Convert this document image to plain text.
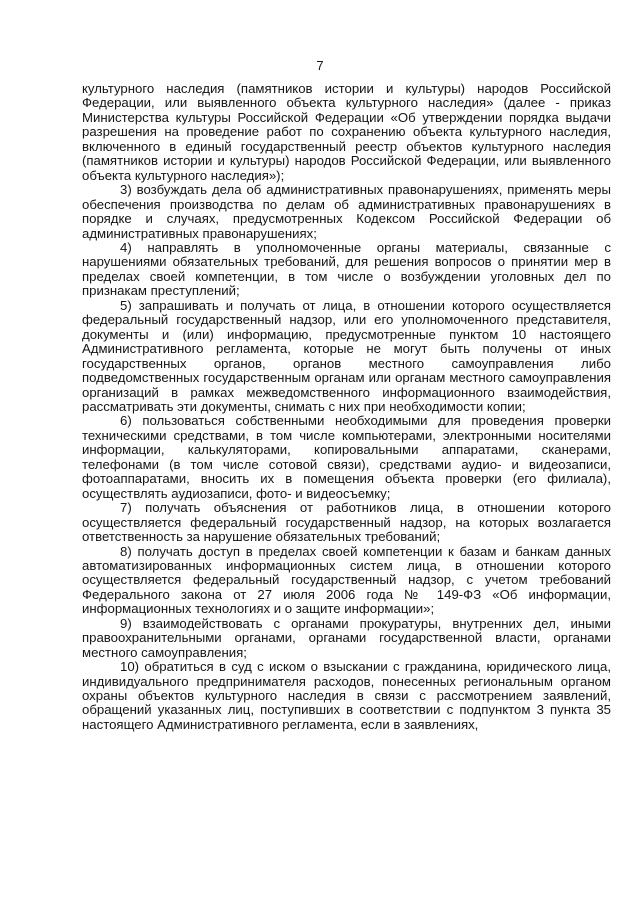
7

культурного наследия (памятников истории и культуры) народов Российской Федерации, или выявленного объекта культурного наследия» (далее - приказ Министерства культуры Российской Федерации «Об утверждении порядка выдачи разрешения на проведение работ по сохранению объекта культурного наследия, включенного в единый государственный реестр объектов культурного наследия (памятников истории и культуры) народов Российской Федерации, или выявленного объекта культурного наследия»);

3) возбуждать дела об административных правонарушениях, применять меры обеспечения производства по делам об административных правонарушениях в порядке и случаях, предусмотренных Кодексом Российской Федерации об административных правонарушениях;

4) направлять в уполномоченные органы материалы, связанные с нарушениями обязательных требований, для решения вопросов о принятии мер в пределах своей компетенции, в том числе о возбуждении уголовных дел по признакам преступлений;

5) запрашивать и получать от лица, в отношении которого осуществляется федеральный государственный надзор, или его уполномоченного представителя, документы и (или) информацию, предусмотренные пунктом 10 настоящего Административного регламента, которые не могут быть получены от иных государственных органов, органов местного самоуправления либо подведомственных государственным органам или органам местного самоуправления организаций в рамках межведомственного информационного взаимодействия, рассматривать эти документы, снимать с них при необходимости копии;

6) пользоваться собственными необходимыми для проведения проверки техническими средствами, в том числе компьютерами, электронными носителями информации, калькуляторами, копировальными аппаратами, сканерами, телефонами (в том числе сотовой связи), средствами аудио- и видеозаписи, фотоаппаратами, вносить их в помещения объекта проверки (его филиала), осуществлять аудиозаписи, фото- и видеосъемку;

7) получать объяснения от работников лица, в отношении которого осуществляется федеральный государственный надзор, на которых возлагается ответственность за нарушение обязательных требований;

8) получать доступ в пределах своей компетенции к базам и банкам данных автоматизированных информационных систем лица, в отношении которого осуществляется федеральный государственный надзор, с учетом требований Федерального закона от 27 июля 2006 года № 149-ФЗ «Об информации, информационных технологиях и о защите информации»;

9) взаимодействовать с органами прокуратуры, внутренних дел, иными правоохранительными органами, органами государственной власти, органами местного самоуправления;

10) обратиться в суд с иском о взыскании с гражданина, юридического лица, индивидуального предпринимателя расходов, понесенных региональным органом охраны объектов культурного наследия в связи с рассмотрением заявлений, обращений указанных лиц, поступивших в соответствии с подпунктом 3 пункта 35 настоящего Административного регламента, если в заявлениях,
